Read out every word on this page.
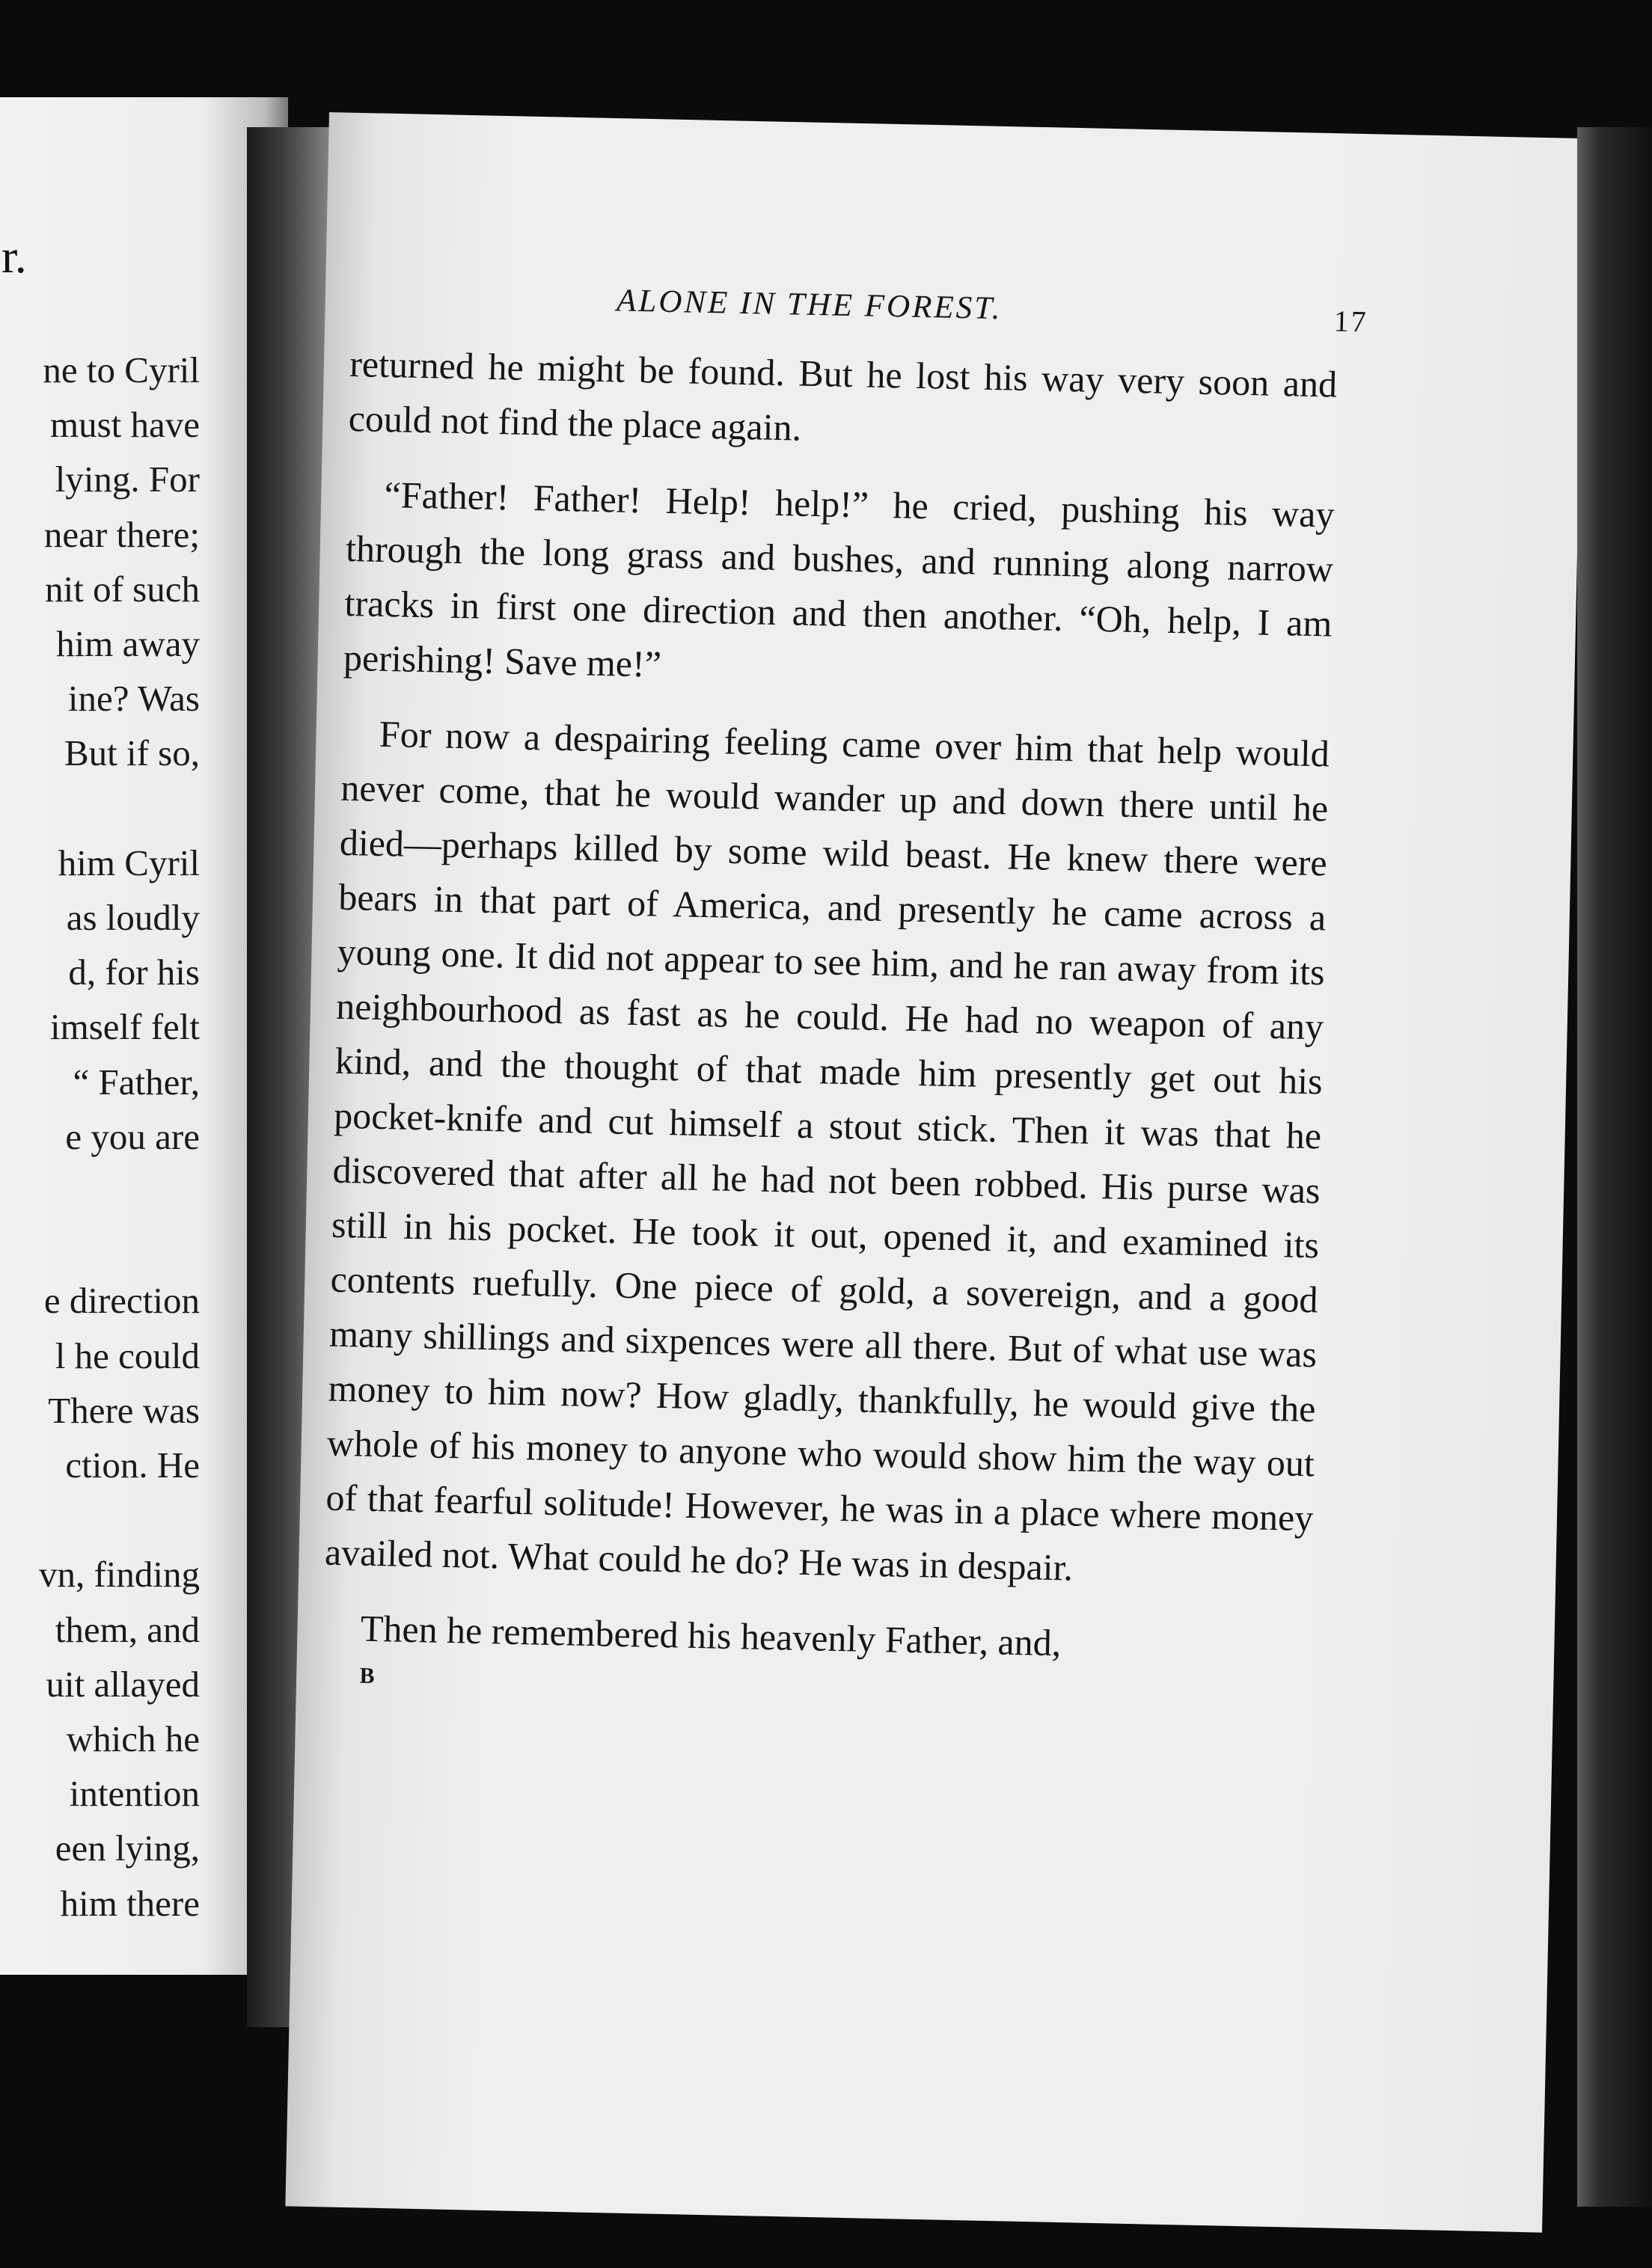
r.
ne to Cyril
must have
lying. For
near there;
nit of such
him away
ine? Was
But if so,
him Cyril
as loudly
d, for his
imself felt
“ Father,
e you are
e direction
l he could
There was
ction. He
vn, finding
them, and
uit allayed
which he
intention
een lying,
him there
ALONE IN THE FOREST.	17

returned he might be found. But he lost his way very soon and could not find the place again.

“Father! Father! Help! help!” he cried, pushing his way through the long grass and bushes, and running along narrow tracks in first one direction and then another. “Oh, help, I am perishing! Save me!”

For now a despairing feeling came over him that help would never come, that he would wander up and down there until he died—perhaps killed by some wild beast. He knew there were bears in that part of America, and presently he came across a young one. It did not appear to see him, and he ran away from its neighbourhood as fast as he could. He had no weapon of any kind, and the thought of that made him presently get out his pocket-knife and cut himself a stout stick. Then it was that he discovered that after all he had not been robbed. His purse was still in his pocket. He took it out, opened it, and examined its contents ruefully. One piece of gold, a sovereign, and a good many shillings and sixpences were all there. But of what use was money to him now? How gladly, thankfully, he would give the whole of his money to anyone who would show him the way out of that fearful solitude! However, he was in a place where money availed not. What could he do? He was in despair.

Then he remembered his heavenly Father, and,

B
